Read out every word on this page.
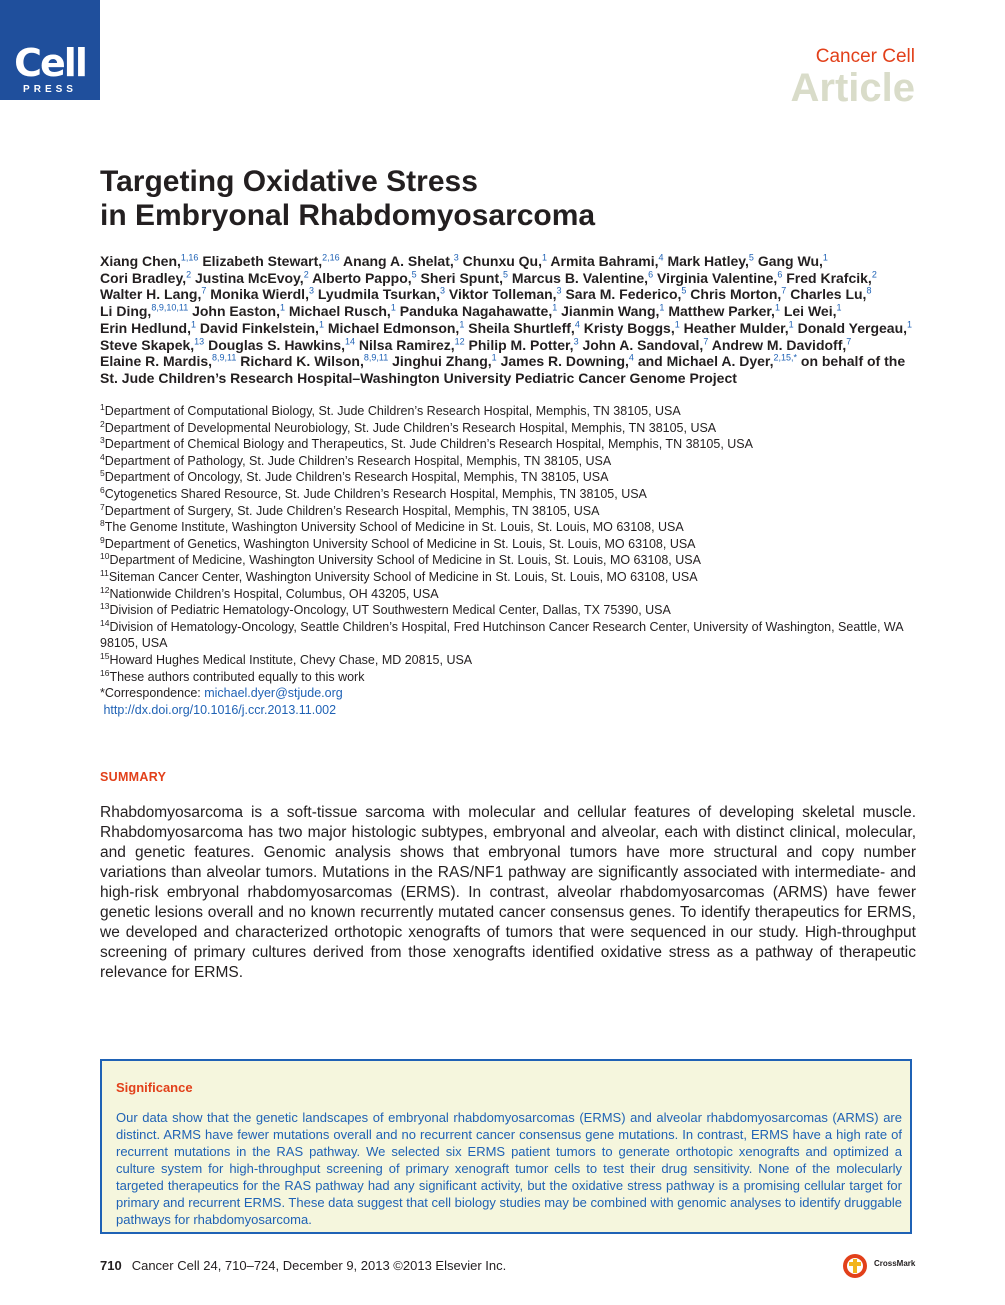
Cell
PRESS
Cancer Cell
Article
Targeting Oxidative Stress
in Embryonal Rhabdomyosarcoma
Xiang Chen,$^{1,16}$ Elizabeth Stewart,$^{2,16}$ Anang A. Shelat,$^3$ Chunxu Qu,$^1$ Armita Bahrami,$^4$ Mark Hatley,$^5$ Gang Wu,$^1$ Cori Bradley,$^2$ Justina McEvoy,$^2$ Alberto Pappo,$^5$ Sheri Spunt,$^5$ Marcus B. Valentine,$^6$ Virginia Valentine,$^6$ Fred Krafcik,$^2$ Walter H. Lang,$^7$ Monika Wierdl,$^3$ Lyudmila Tsurkan,$^3$ Viktor Tolleman,$^3$ Sara M. Federico,$^5$ Chris Morton,$^7$ Charles Lu,$^8$ Li Ding,$^{8,9,10,11}$ John Easton,$^1$ Michael Rusch,$^1$ Panduka Nagahawatte,$^1$ Jianmin Wang,$^1$ Matthew Parker,$^1$ Lei Wei,$^1$ Erin Hedlund,$^1$ David Finkelstein,$^1$ Michael Edmonson,$^1$ Sheila Shurtleff,$^4$ Kristy Boggs,$^1$ Heather Mulder,$^1$ Donald Yergeau,$^1$ Steve Skapek,$^{13}$ Douglas S. Hawkins,$^{14}$ Nilsa Ramirez,$^{12}$ Philip M. Potter,$^3$ John A. Sandoval,$^7$ Andrew M. Davidoff,$^7$ Elaine R. Mardis,$^{8,9,11}$ Richard K. Wilson,$^{8,9,11}$ Jinghui Zhang,$^1$ James R. Downing,$^4$ and Michael A. Dyer,$^{2,15,*}$ on behalf of the St. Jude Children’s Research Hospital–Washington University Pediatric Cancer Genome Project
$^1$Department of Computational Biology, St. Jude Children’s Research Hospital, Memphis, TN 38105, USA
$^2$Department of Developmental Neurobiology, St. Jude Children’s Research Hospital, Memphis, TN 38105, USA
$^3$Department of Chemical Biology and Therapeutics, St. Jude Children’s Research Hospital, Memphis, TN 38105, USA
$^4$Department of Pathology, St. Jude Children’s Research Hospital, Memphis, TN 38105, USA
$^5$Department of Oncology, St. Jude Children’s Research Hospital, Memphis, TN 38105, USA
$^6$Cytogenetics Shared Resource, St. Jude Children’s Research Hospital, Memphis, TN 38105, USA
$^7$Department of Surgery, St. Jude Children’s Research Hospital, Memphis, TN 38105, USA
$^8$The Genome Institute, Washington University School of Medicine in St. Louis, St. Louis, MO 63108, USA
$^9$Department of Genetics, Washington University School of Medicine in St. Louis, St. Louis, MO 63108, USA
$^{10}$Department of Medicine, Washington University School of Medicine in St. Louis, St. Louis, MO 63108, USA
$^{11}$Siteman Cancer Center, Washington University School of Medicine in St. Louis, St. Louis, MO 63108, USA
$^{12}$Nationwide Children’s Hospital, Columbus, OH 43205, USA
$^{13}$Division of Pediatric Hematology-Oncology, UT Southwestern Medical Center, Dallas, TX 75390, USA
$^{14}$Division of Hematology-Oncology, Seattle Children’s Hospital, Fred Hutchinson Cancer Research Center, University of Washington, Seattle, WA 98105, USA
$^{15}$Howard Hughes Medical Institute, Chevy Chase, MD 20815, USA
$^{16}$These authors contributed equally to this work
*Correspondence: michael.dyer@stjude.org
http://dx.doi.org/10.1016/j.ccr.2013.11.002
SUMMARY

Rhabdomyosarcoma is a soft-tissue sarcoma with molecular and cellular features of developing skeletal muscle. Rhabdomyosarcoma has two major histologic subtypes, embryonal and alveolar, each with distinct clinical, molecular, and genetic features. Genomic analysis shows that embryonal tumors have more structural and copy number variations than alveolar tumors. Mutations in the RAS/NF1 pathway are significantly associated with intermediate- and high-risk embryonal rhabdomyosarcomas (ERMS). In contrast, alveolar rhabdomyosarcomas (ARMS) have fewer genetic lesions overall and no known recurrently mutated cancer consensus genes. To identify therapeutics for ERMS, we developed and characterized orthotopic xenografts of tumors that were sequenced in our study. High-throughput screening of primary cultures derived from those xenografts identified oxidative stress as a pathway of therapeutic relevance for ERMS.

Significance

Our data show that the genetic landscapes of embryonal rhabdomyosarcomas (ERMS) and alveolar rhabdomyosarcomas (ARMS) are distinct. ARMS have fewer mutations overall and no recurrent cancer consensus gene mutations. In contrast, ERMS have a high rate of recurrent mutations in the RAS pathway. We selected six ERMS patient tumors to generate orthotopic xenografts and optimized a culture system for high-throughput screening of primary xenograft tumor cells to test their drug sensitivity. None of the molecularly targeted therapeutics for the RAS pathway had any significant activity, but the oxidative stress pathway is a promising cellular target for primary and recurrent ERMS. These data suggest that cell biology studies may be combined with genomic analyses to identify druggable pathways for rhabdomyosarcoma.

710 Cancer Cell 24, 710–724, December 9, 2013 ©2013 Elsevier Inc.	CrossMark
